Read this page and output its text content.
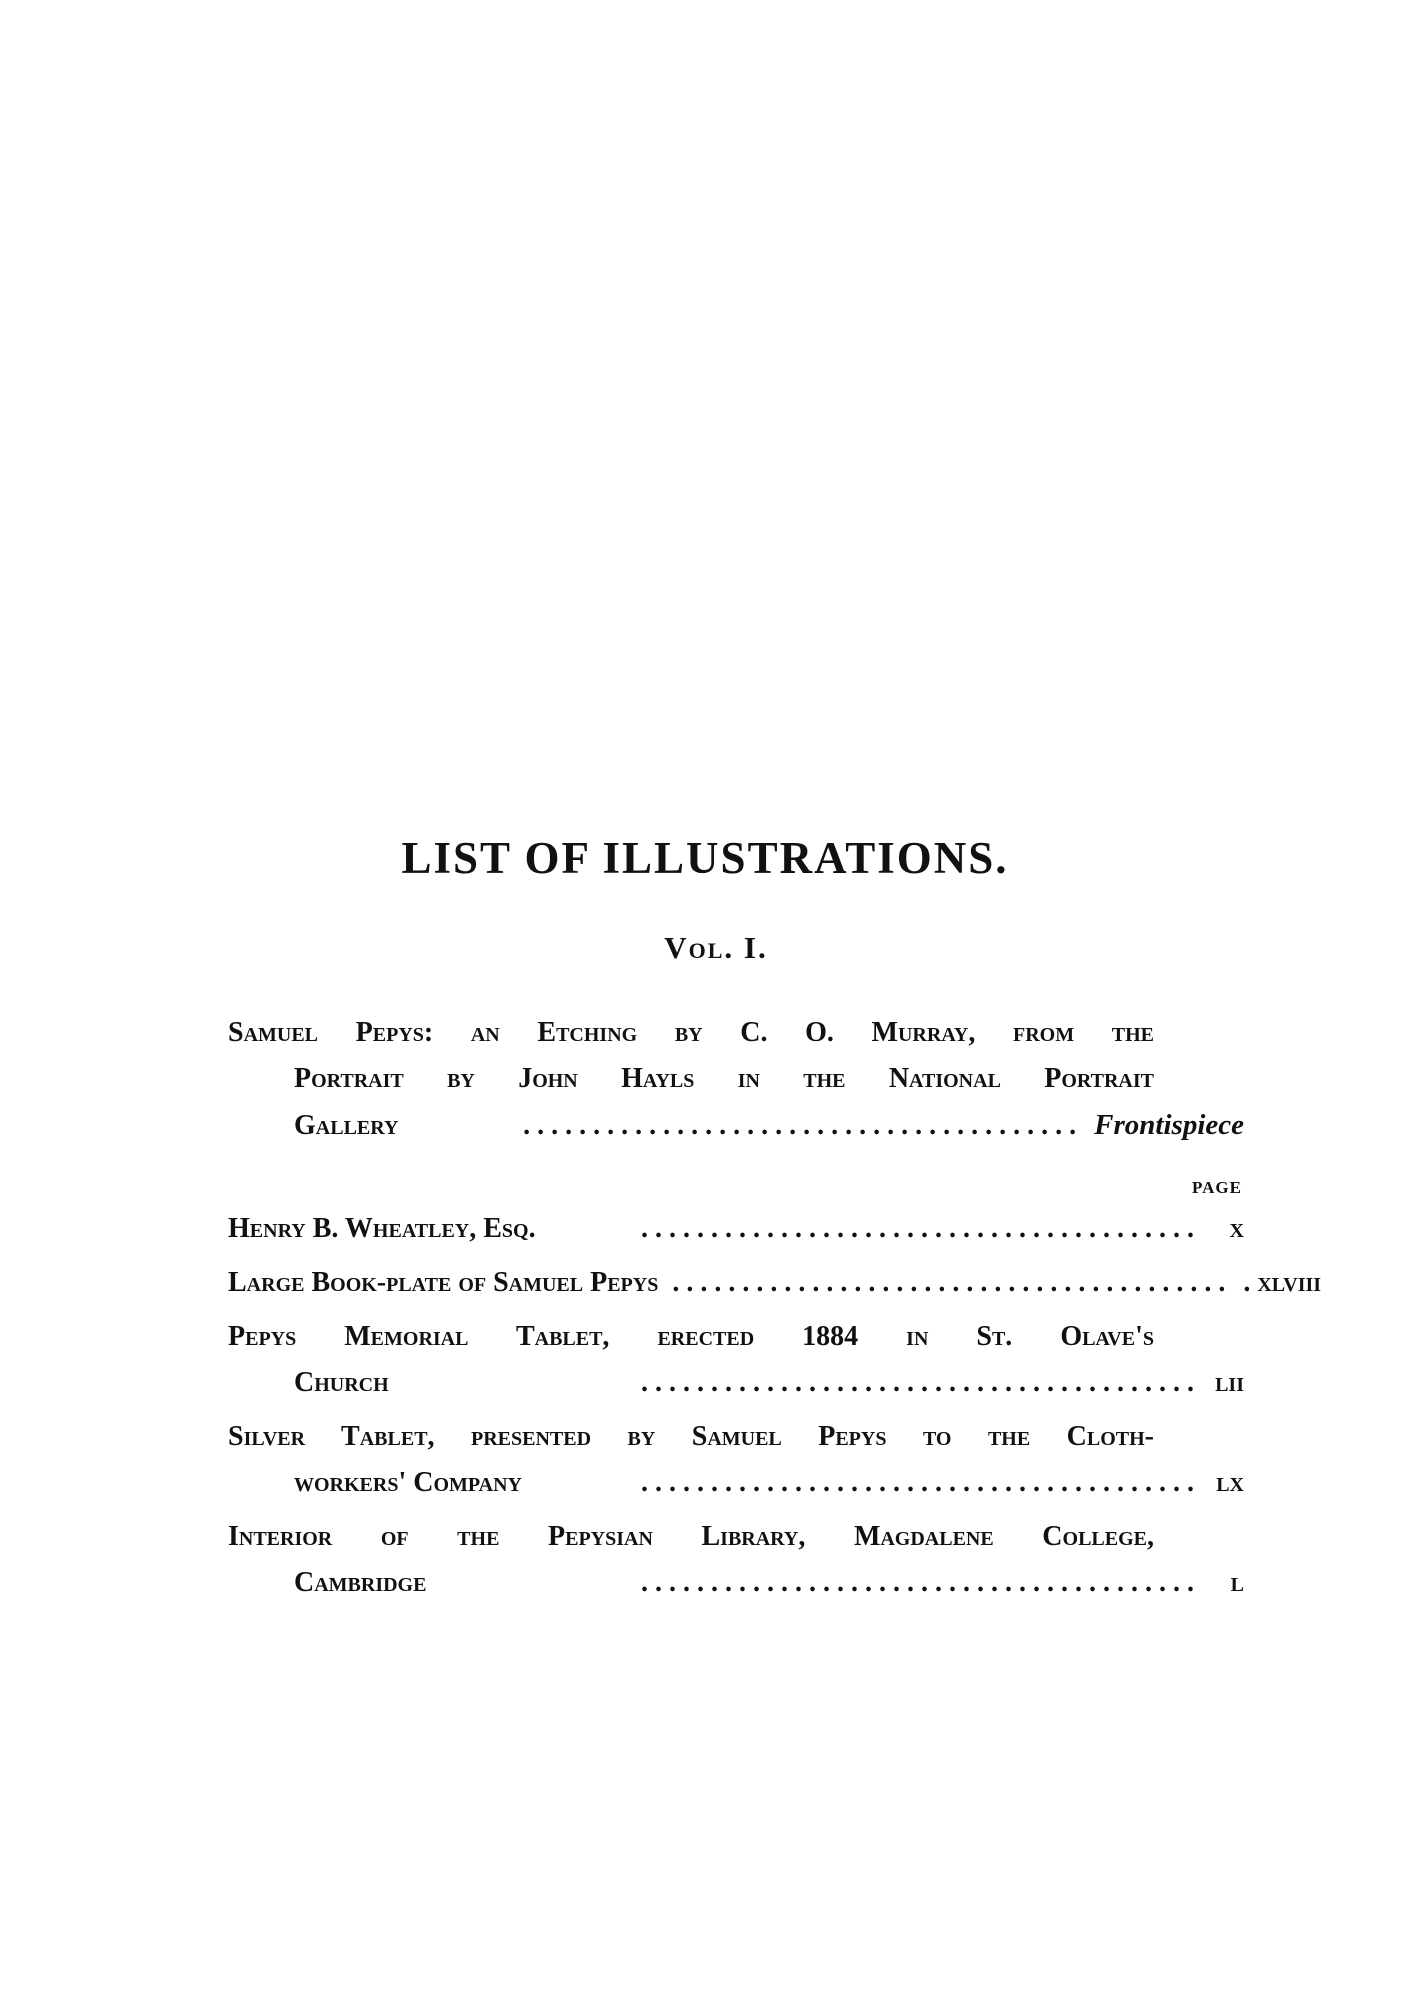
LIST OF ILLUSTRATIONS.
Vol. I.
Samuel Pepys: an Etching by C. O. Murray, from the
Portrait by John Hayls in the National Portrait
Gallery	. . . . . . . . . . . . . . . . . . . . . . . . . . . . . . . . . . . . . . . . Frontispiece
PAGE
Henry B. Wheatley, Esq.	. . . . . . . . . . . . . . . . . . . . . . . . . . . . . . . . . . . . . . . .	x
Large Book-plate of Samuel Pepys . . . . . . . . . . . . . . . . . . . . . . . . . . . . . . . . . . . . . . . . . xlviii
Pepys Memorial Tablet, erected 1884 in St. Olave's
Church	. . . . . . . . . . . . . . . . . . . . . . . . . . . . . . . . . . . . . . . . lii
Silver Tablet, presented by Samuel Pepys to the Cloth-
workers' Company	. . . . . . . . . . . . . . . . . . . . . . . . . . . . . . . . . . . . . . . . lx
Interior of the Pepysian Library, Magdalene College,
Cambridge	. . . . . . . . . . . . . . . . . . . . . . . . . . . . . . . . . . . . . . . .	l
